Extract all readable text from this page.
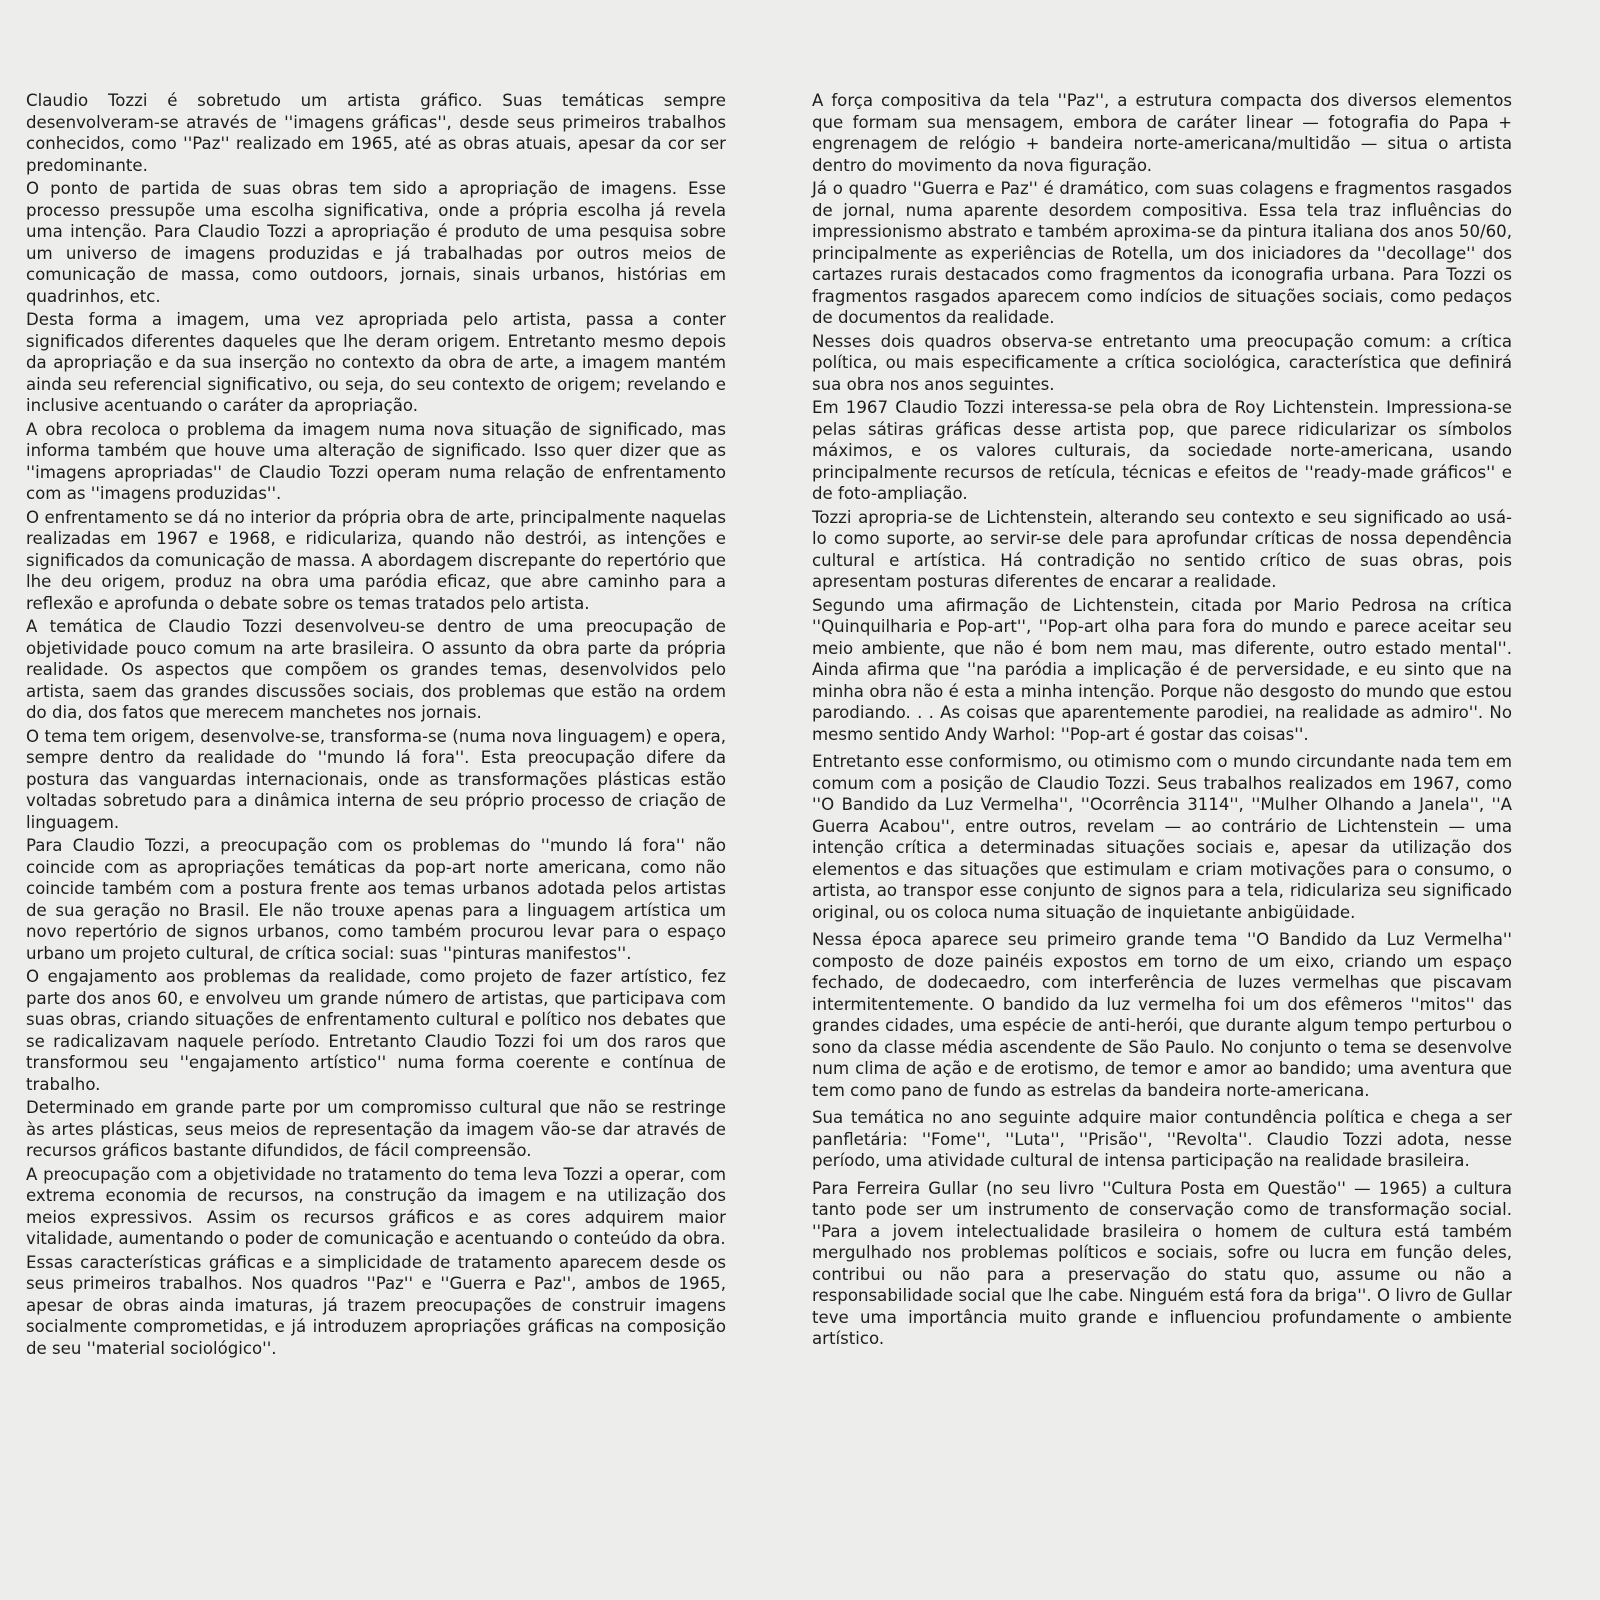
Claudio Tozzi é sobretudo um artista gráfico. Suas temáticas sempre desenvolveram-se através de ''imagens gráficas'', desde seus primeiros trabalhos conhecidos, como ''Paz'' realizado em 1965, até as obras atuais, apesar da cor ser predominante.

O ponto de partida de suas obras tem sido a apropriação de imagens. Esse processo pressupõe uma escolha significativa, onde a própria escolha já revela uma intenção. Para Claudio Tozzi a apropriação é produto de uma pesquisa sobre um universo de imagens produzidas e já trabalhadas por outros meios de comunicação de massa, como outdoors, jornais, sinais urbanos, histórias em quadrinhos, etc.

Desta forma a imagem, uma vez apropriada pelo artista, passa a conter significados diferentes daqueles que lhe deram origem. Entretanto mesmo depois da apropriação e da sua inserção no contexto da obra de arte, a imagem mantém ainda seu referencial significativo, ou seja, do seu contexto de origem; revelando e inclusive acentuando o caráter da apropriação.

A obra recoloca o problema da imagem numa nova situação de significado, mas informa também que houve uma alteração de significado. Isso quer dizer que as ''imagens apropriadas'' de Claudio Tozzi operam numa relação de enfrentamento com as ''imagens produzidas''.

O enfrentamento se dá no interior da própria obra de arte, principalmente naquelas realizadas em 1967 e 1968, e ridiculariza, quando não destrói, as intenções e significados da comunicação de massa. A abordagem discrepante do repertório que lhe deu origem, produz na obra uma paródia eficaz, que abre caminho para a reflexão e aprofunda o debate sobre os temas tratados pelo artista.

A temática de Claudio Tozzi desenvolveu-se dentro de uma preocupação de objetividade pouco comum na arte brasileira. O assunto da obra parte da própria realidade. Os aspectos que compõem os grandes temas, desenvolvidos pelo artista, saem das grandes discussões sociais, dos problemas que estão na ordem do dia, dos fatos que merecem manchetes nos jornais.

O tema tem origem, desenvolve-se, transforma-se (numa nova linguagem) e opera, sempre dentro da realidade do ''mundo lá fora''. Esta preocupação difere da postura das vanguardas internacionais, onde as transformações plásticas estão voltadas sobretudo para a dinâmica interna de seu próprio processo de criação de linguagem.

Para Claudio Tozzi, a preocupação com os problemas do ''mundo lá fora'' não coincide com as apropriações temáticas da pop-art norte americana, como não coincide também com a postura frente aos temas urbanos adotada pelos artistas de sua geração no Brasil. Ele não trouxe apenas para a linguagem artística um novo repertório de signos urbanos, como também procurou levar para o espaço urbano um projeto cultural, de crítica social: suas ''pinturas manifestos''.

O engajamento aos problemas da realidade, como projeto de fazer artístico, fez parte dos anos 60, e envolveu um grande número de artistas, que participava com suas obras, criando situações de enfrentamento cultural e político nos debates que se radicalizavam naquele período. Entretanto Claudio Tozzi foi um dos raros que transformou seu ''engajamento artístico'' numa forma coerente e contínua de trabalho.

Determinado em grande parte por um compromisso cultural que não se restringe às artes plásticas, seus meios de representação da imagem vão-se dar através de recursos gráficos bastante difundidos, de fácil compreensão.

A preocupação com a objetividade no tratamento do tema leva Tozzi a operar, com extrema economia de recursos, na construção da imagem e na utilização dos meios expressivos. Assim os recursos gráficos e as cores adquirem maior vitalidade, aumentando o poder de comunicação e acentuando o conteúdo da obra.

Essas características gráficas e a simplicidade de tratamento aparecem desde os seus primeiros trabalhos. Nos quadros ''Paz'' e ''Guerra e Paz'', ambos de 1965, apesar de obras ainda imaturas, já trazem preocupações de construir imagens socialmente comprometidas, e já introduzem apropriações gráficas na composição de seu ''material sociológico''.

A força compositiva da tela ''Paz'', a estrutura compacta dos diversos elementos que formam sua mensagem, embora de caráter linear — fotografia do Papa + engrenagem de relógio + bandeira norte-americana/multidão — situa o artista dentro do movimento da nova figuração.

Já o quadro ''Guerra e Paz'' é dramático, com suas colagens e fragmentos rasgados de jornal, numa aparente desordem compositiva. Essa tela traz influências do impressionismo abstrato e também aproxima-se da pintura italiana dos anos 50/60, principalmente as experiências de Rotella, um dos iniciadores da ''decollage'' dos cartazes rurais destacados como fragmentos da iconografia urbana. Para Tozzi os fragmentos rasgados aparecem como indícios de situações sociais, como pedaços de documentos da realidade.

Nesses dois quadros observa-se entretanto uma preocupação comum: a crítica política, ou mais especificamente a crítica sociológica, característica que definirá sua obra nos anos seguintes.

Em 1967 Claudio Tozzi interessa-se pela obra de Roy Lichtenstein. Impressiona-se pelas sátiras gráficas desse artista pop, que parece ridicularizar os símbolos máximos, e os valores culturais, da sociedade norte-americana, usando principalmente recursos de retícula, técnicas e efeitos de ''ready-made gráficos'' e de foto-ampliação.

Tozzi apropria-se de Lichtenstein, alterando seu contexto e seu significado ao usá-lo como suporte, ao servir-se dele para aprofundar críticas de nossa dependência cultural e artística. Há contradição no sentido crítico de suas obras, pois apresentam posturas diferentes de encarar a realidade.

Segundo uma afirmação de Lichtenstein, citada por Mario Pedrosa na crítica ''Quinquilharia e Pop-art'', ''Pop-art olha para fora do mundo e parece aceitar seu meio ambiente, que não é bom nem mau, mas diferente, outro estado mental''. Ainda afirma que ''na paródia a implicação é de perversidade, e eu sinto que na minha obra não é esta a minha intenção. Porque não desgosto do mundo que estou parodiando. . . As coisas que aparentemente parodiei, na realidade as admiro''. No mesmo sentido Andy Warhol: ''Pop-art é gostar das coisas''.

Entretanto esse conformismo, ou otimismo com o mundo circundante nada tem em comum com a posição de Claudio Tozzi. Seus trabalhos realizados em 1967, como ''O Bandido da Luz Vermelha'', ''Ocorrência 3114'', ''Mulher Olhando a Janela'', ''A Guerra Acabou'', entre outros, revelam — ao contrário de Lichtenstein — uma intenção crítica a determinadas situações sociais e, apesar da utilização dos elementos e das situações que estimulam e criam motivações para o consumo, o artista, ao transpor esse conjunto de signos para a tela, ridiculariza seu significado original, ou os coloca numa situação de inquietante anbigüidade.

Nessa época aparece seu primeiro grande tema ''O Bandido da Luz Vermelha'' composto de doze painéis expostos em torno de um eixo, criando um espaço fechado, de dodecaedro, com interferência de luzes vermelhas que piscavam intermitentemente. O bandido da luz vermelha foi um dos efêmeros ''mitos'' das grandes cidades, uma espécie de anti-herói, que durante algum tempo perturbou o sono da classe média ascendente de São Paulo. No conjunto o tema se desenvolve num clima de ação e de erotismo, de temor e amor ao bandido; uma aventura que tem como pano de fundo as estrelas da bandeira norte-americana.

Sua temática no ano seguinte adquire maior contundência política e chega a ser panfletária: ''Fome'', ''Luta'', ''Prisão'', ''Revolta''. Claudio Tozzi adota, nesse período, uma atividade cultural de intensa participação na realidade brasileira.

Para Ferreira Gullar (no seu livro ''Cultura Posta em Questão'' — 1965) a cultura tanto pode ser um instrumento de conservação como de transformação social. ''Para a jovem intelectualidade brasileira o homem de cultura está também mergulhado nos problemas políticos e sociais, sofre ou lucra em função deles, contribui ou não para a preservação do statu quo, assume ou não a responsabilidade social que lhe cabe. Ninguém está fora da briga''. O livro de Gullar teve uma importância muito grande e influenciou profundamente o ambiente artístico.
